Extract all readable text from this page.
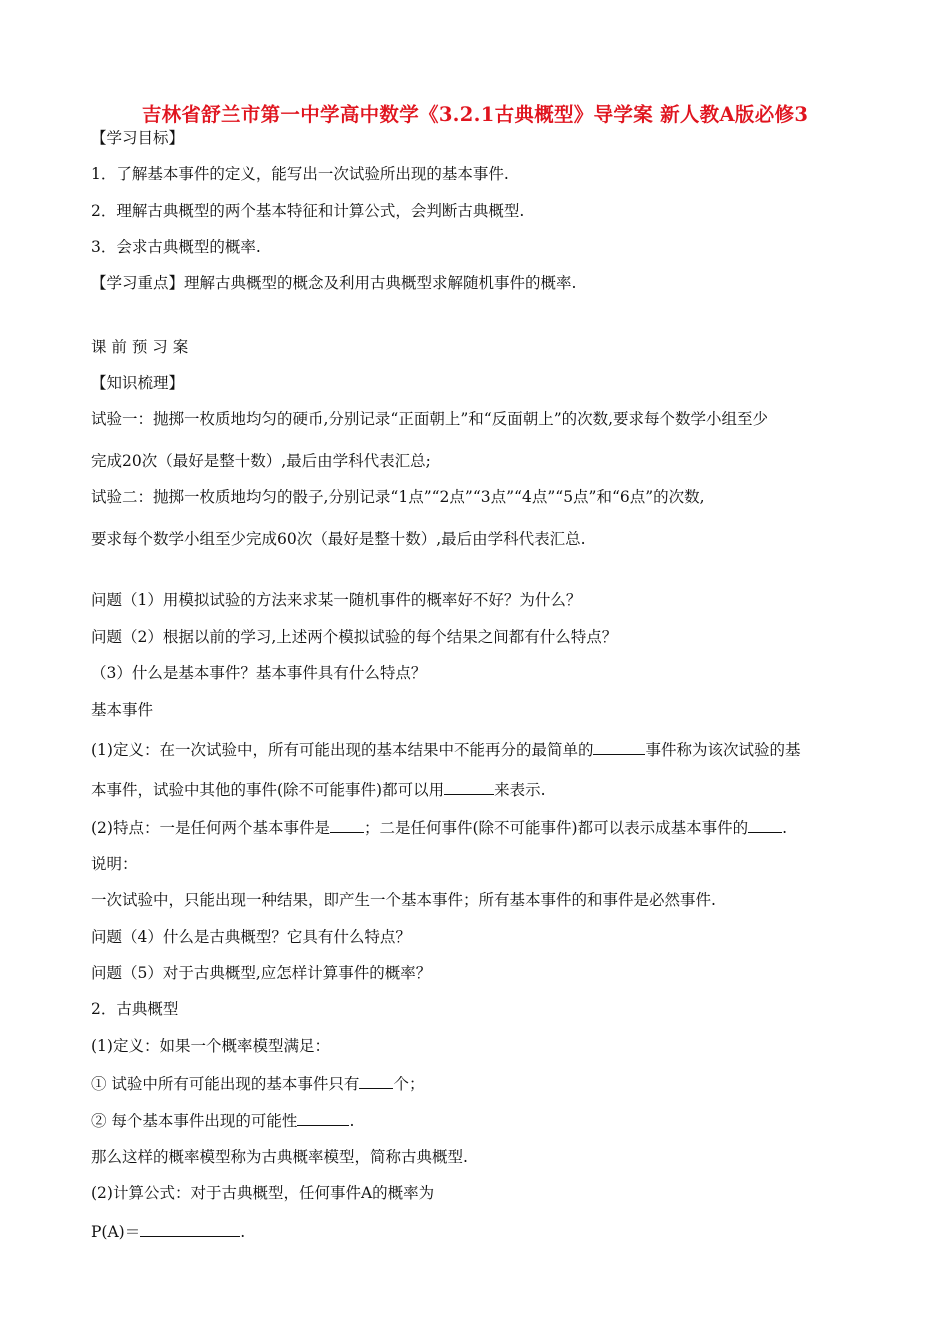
吉林省舒兰市第一中学高中数学《3.2.1古典概型》导学案 新人教A版必修3
【学习目标】
1．了解基本事件的定义，能写出一次试验所出现的基本事件.
2．理解古典概型的两个基本特征和计算公式，会判断古典概型.
3．会求古典概型的概率.
【学习重点】理解古典概型的概念及利用古典概型求解随机事件的概率.
课 前 预 习 案
【知识梳理】
试验一：抛掷一枚质地均匀的硬币,分别记录“正面朝上”和“反面朝上”的次数,要求每个数学小组至少
完成20次（最好是整十数）,最后由学科代表汇总;
试验二：抛掷一枚质地均匀的骰子,分别记录“1点”“2点”“3点”“4点”“5点”和“6点”的次数,
要求每个数学小组至少完成60次（最好是整十数）,最后由学科代表汇总.
问题（1）用模拟试验的方法来求某一随机事件的概率好不好？为什么？
问题（2）根据以前的学习,上述两个模拟试验的每个结果之间都有什么特点？
（3）什么是基本事件？基本事件具有什么特点？
基本事件
(1)定义：在一次试验中，所有可能出现的基本结果中不能再分的最简单的	事件称为该次试验的基
本事件，试验中其他的事件(除不可能事件)都可以用	来表示.
(2)特点：一是任何两个基本事件是 ；二是任何事件(除不可能事件)都可以表示成基本事件的 .
说明：
一次试验中，只能出现一种结果，即产生一个基本事件；所有基本事件的和事件是必然事件.
问题（4）什么是古典概型？它具有什么特点？
问题（5）对于古典概型,应怎样计算事件的概率？
2．古典概型
(1)定义：如果一个概率模型满足：
① 试验中所有可能出现的基本事件只有 个；
② 每个基本事件出现的可能性	.
那么这样的概率模型称为古典概率模型，简称古典概型.
(2)计算公式：对于古典概型，任何事件A的概率为
P(A)＝	.
